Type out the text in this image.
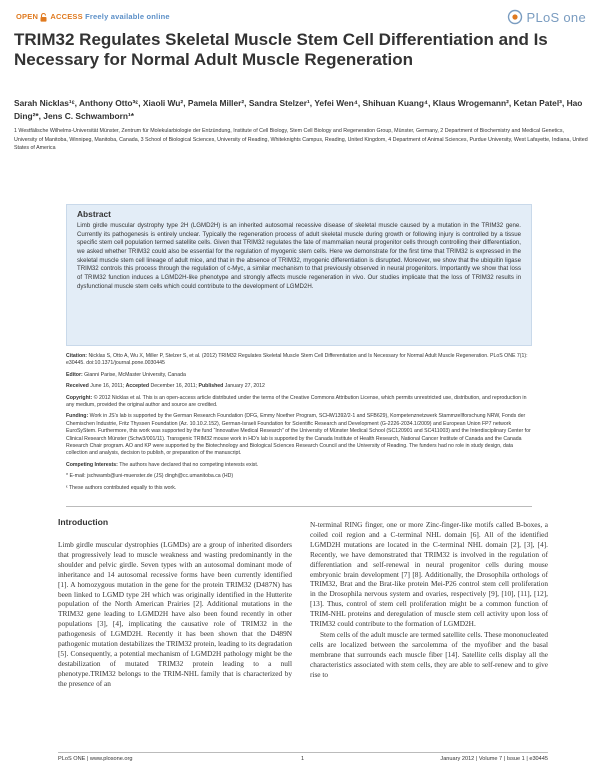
OPEN ACCESS Freely available online	PLoS one
TRIM32 Regulates Skeletal Muscle Stem Cell Differentiation and Is Necessary for Normal Adult Muscle Regeneration
Sarah Nicklas¹ᵋ, Anthony Otto³ᵋ, Xiaoli Wu², Pamela Miller², Sandra Stelzer¹, Yefei Wen⁴, Shihuan Kuang⁴, Klaus Wrogemann², Ketan Patel³, Hao Ding²*, Jens C. Schwamborn¹*
1 Westfälische Wilhelms-Universität Münster, Zentrum für Molekularbiologie der Entzündung, Institute of Cell Biology, Stem Cell Biology and Regeneration Group, Münster, Germany, 2 Department of Biochemistry and Medical Genetics, University of Manitoba, Winnipeg, Manitoba, Canada, 3 School of Biological Sciences, University of Reading, Whiteknights Campus, Reading, United Kingdom, 4 Department of Animal Sciences, Purdue University, West Lafayette, Indiana, United States of America
Abstract
Limb girdle muscular dystrophy type 2H (LGMD2H) is an inherited autosomal recessive disease of skeletal muscle caused by a mutation in the TRIM32 gene. Currently its pathogenesis is entirely unclear. Typically the regeneration process of adult skeletal muscle during growth or following injury is controlled by a tissue specific stem cell population termed satellite cells. Given that TRIM32 regulates the fate of mammalian neural progenitor cells through controlling their differentiation, we asked whether TRIM32 could also be essential for the regulation of myogenic stem cells. Here we demonstrate for the first time that TRIM32 is expressed in the skeletal muscle stem cell lineage of adult mice, and that in the absence of TRIM32, myogenic differentiation is disrupted. Moreover, we show that the ubiquitin ligase TRIM32 controls this process through the regulation of c-Myc, a similar mechanism to that previously observed in neural progenitors. Importantly we show that loss of TRIM32 function induces a LGMD2H-like phenotype and strongly affects muscle regeneration in vivo. Our studies implicate that the loss of TRIM32 results in dysfunctional muscle stem cells which could contribute to the development of LGMD2H.

Citation: Nicklas S, Otto A, Wu X, Miller P, Stelzer S, et al. (2012) TRIM32 Regulates Skeletal Muscle Stem Cell Differentiation and Is Necessary for Normal Adult Muscle Regeneration. PLoS ONE 7(1): e30445. doi:10.1371/journal.pone.0030445

Editor: Gianni Parise, McMaster University, Canada

Received June 16, 2011; Accepted December 16, 2011; Published January 27, 2012

Copyright: © 2012 Nicklas et al. This is an open-access article distributed under the terms of the Creative Commons Attribution License, which permits unrestricted use, distribution, and reproduction in any medium, provided the original author and source are credited.

Funding: Work in JS's lab is supported by the German Research Foundation (DFG, Emmy Noether Program, SCHW1392/2-1 and SFB629), Kompetenznetzwerk Stammzellforschung NRW, Fonds der Chemischen Industrie, Fritz Thyssen Foundation (Az. 10.10.2.152), German-Israeli Foundation for Scientific Research and Development (G-2226-2034.1/2009) and European Union FP7 network EuroSyStem. Furthermore, this work was supported by the fund “Innovative Medical Research” of the University of Münster Medical School (SC120901 and SC411003) and the Interdisciplinary Center for Clinical Research Münster (Schw3/001/11). Transgenic TRIM32 mouse work in HD's lab is supported by the Canada Institute of Health Research, National Cancer Institute of Canada and the Canada Research Chair program. AO and KP were supported by the Biotechnology and Biological Sciences Research Council and the University of Reading. The funders had no role in study design, data collection and analysis, decision to publish, or preparation of the manuscript.

Competing Interests: The authors have declared that no competing interests exist.

* E-mail: jschwamb@uni-muenster.de (JS) dingh@cc.umanitoba.ca (HD)

ᵋ These authors contributed equally to this work.

Introduction
Limb girdle muscular dystrophies (LGMDs) are a group of inherited disorders that progressively lead to muscle weakness and wasting predominantly in the shoulder and pelvic girdle. Seven types with an autosomal dominant mode of inheritance and 14 autosomal recessive forms have been currently identified [1]. A homozygous mutation in the gene for the protein TRIM32 (D487N) has been linked to LGMD type 2H which was originally identified in the Hutterite population of the North American Prairies [2]. Additional mutations in the TRIM32 gene leading to LGMD2H have also been found recently in other populations [3], [4], implicating the causative role of TRIM32 in the pathogenesis of LGMD2H. Recently it has been shown that the D489N pathogenic mutation destabilizes the TRIM32 protein, leading to its degradation [5]. Consequently, a potential mechanism of LGMD2H pathology might be the destabilization of mutated TRIM32 protein leading to a null phenotype.TRIM32 belongs to the TRIM-NHL family that is characterized by the presence of an
N-terminal RING finger, one or more Zinc-finger-like motifs called B-boxes, a coiled coil region and a C-terminal NHL domain [6]. All of the identified LGMD2H mutations are located in the C-terminal NHL domain [2], [3], [4]. Recently, we have demonstrated that TRIM32 is involved in the regulation of differentiation and self-renewal in neural progenitor cells during mouse embryonic brain development [7] [8]. Additionally, the Drosophila orthologs of TRIM32, Brat and the Brat-like protein Mei-P26 control stem cell proliferation in the Drosophila nervous system and ovaries, respectively [9], [10], [11], [12], [13]. Thus, control of stem cell proliferation might be a common function of TRIM-NHL proteins and deregulation of muscle stem cell activity upon loss of TRIM32 could contribute to the formation of LGMD2H.
Stem cells of the adult muscle are termed satellite cells. These mononucleated cells are localized between the sarcolemma of the myofiber and the basal membrane that surrounds each muscle fiber [14]. Satellite cells display all the characteristics associated with stem cells, they are able to self-renew and to give rise to
PLoS ONE | www.plosone.org	1	January 2012 | Volume 7 | Issue 1 | e30445
